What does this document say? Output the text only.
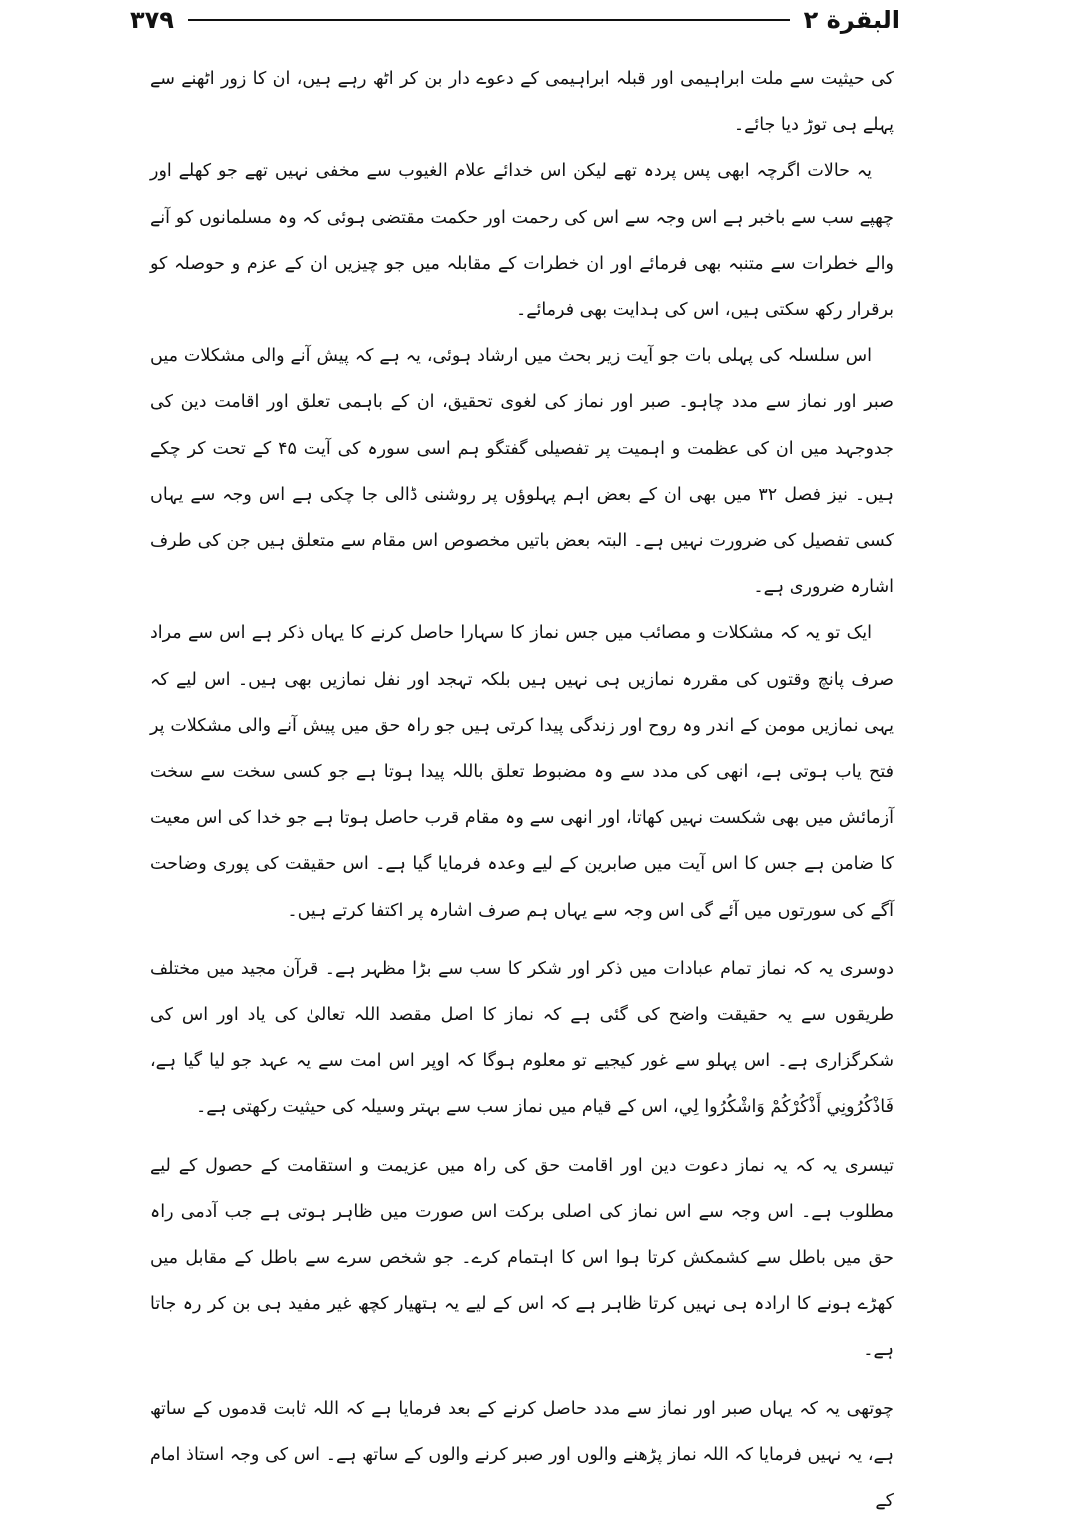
۳۷۹	البقرة ۲

کی حیثیت سے ملت ابراہیمی اور قبلہ ابراہیمی کے دعوے دار بن کر اٹھ رہے ہیں، ان کا زور اٹھنے سے پہلے ہی توڑ دیا جائے۔

یہ حالات اگرچہ ابھی پس پردہ تھے لیکن اس خدائے علام الغیوب سے مخفی نہیں تھے جو کھلے اور چھپے سب سے باخبر ہے اس وجہ سے اس کی رحمت اور حکمت مقتضی ہوئی کہ وہ مسلمانوں کو آنے والے خطرات سے متنبہ بھی فرمائے اور ان خطرات کے مقابلہ میں جو چیزیں ان کے عزم و حوصلہ کو برقرار رکھ سکتی ہیں، اس کی ہدایت بھی فرمائے۔

اس سلسلہ کی پہلی بات جو آیت زیر بحث میں ارشاد ہوئی، یہ ہے کہ پیش آنے والی مشکلات میں صبر اور نماز سے مدد چاہو۔ صبر اور نماز کی لغوی تحقیق، ان کے باہمی تعلق اور اقامت دین کی جدوجہد میں ان کی عظمت و اہمیت پر تفصیلی گفتگو ہم اسی سورہ کی آیت ۴۵ کے تحت کر چکے ہیں۔ نیز فصل ۳۲ میں بھی ان کے بعض اہم پہلوؤں پر روشنی ڈالی جا چکی ہے اس وجہ سے یہاں کسی تفصیل کی ضرورت نہیں ہے۔ البتہ بعض باتیں مخصوص اس مقام سے متعلق ہیں جن کی طرف اشارہ ضروری ہے۔

ایک تو یہ کہ مشکلات و مصائب میں جس نماز کا سہارا حاصل کرنے کا یہاں ذکر ہے اس سے مراد صرف پانچ وقتوں کی مقررہ نمازیں ہی نہیں ہیں بلکہ تہجد اور نفل نمازیں بھی ہیں۔ اس لیے کہ یہی نمازیں مومن کے اندر وہ روح اور زندگی پیدا کرتی ہیں جو راہ حق میں پیش آنے والی مشکلات پر فتح یاب ہوتی ہے، انھی کی مدد سے وہ مضبوط تعلق باللہ پیدا ہوتا ہے جو کسی سخت سے سخت آزمائش میں بھی شکست نہیں کھاتا، اور انھی سے وہ مقام قرب حاصل ہوتا ہے جو خدا کی اس معیت کا ضامن ہے جس کا اس آیت میں صابرین کے لیے وعدہ فرمایا گیا ہے۔ اس حقیقت کی پوری وضاحت آگے کی سورتوں میں آئے گی اس وجہ سے یہاں ہم صرف اشارہ پر اکتفا کرتے ہیں۔

دوسری یہ کہ نماز تمام عبادات میں ذکر اور شکر کا سب سے بڑا مظہر ہے۔ قرآن مجید میں مختلف طریقوں سے یہ حقیقت واضح کی گئی ہے کہ نماز کا اصل مقصد اللہ تعالیٰ کی یاد اور اس کی شکرگزاری ہے۔ اس پہلو سے غور کیجیے تو معلوم ہوگا کہ اوپر اس امت سے یہ عہد جو لیا گیا ہے، فَاذْكُرُونِي أَذْكُرْكُمْ وَاشْكُرُوا لِي، اس کے قیام میں نماز سب سے بہتر وسیلہ کی حیثیت رکھتی ہے۔

تیسری یہ کہ یہ نماز دعوت دین اور اقامت حق کی راہ میں عزیمت و استقامت کے حصول کے لیے مطلوب ہے۔ اس وجہ سے اس نماز کی اصلی برکت اس صورت میں ظاہر ہوتی ہے جب آدمی راہ حق میں باطل سے کشمکش کرتا ہوا اس کا اہتمام کرے۔ جو شخص سرے سے باطل کے مقابل میں کھڑے ہونے کا ارادہ ہی نہیں کرتا ظاہر ہے کہ اس کے لیے یہ ہتھیار کچھ غیر مفید ہی بن کر رہ جاتا ہے۔

چوتھی یہ کہ یہاں صبر اور نماز سے مدد حاصل کرنے کے بعد فرمایا ہے کہ اللہ ثابت قدموں کے ساتھ ہے، یہ نہیں فرمایا کہ اللہ نماز پڑھنے والوں اور صبر کرنے والوں کے ساتھ ہے۔ اس کی وجہ استاذ امام کے
